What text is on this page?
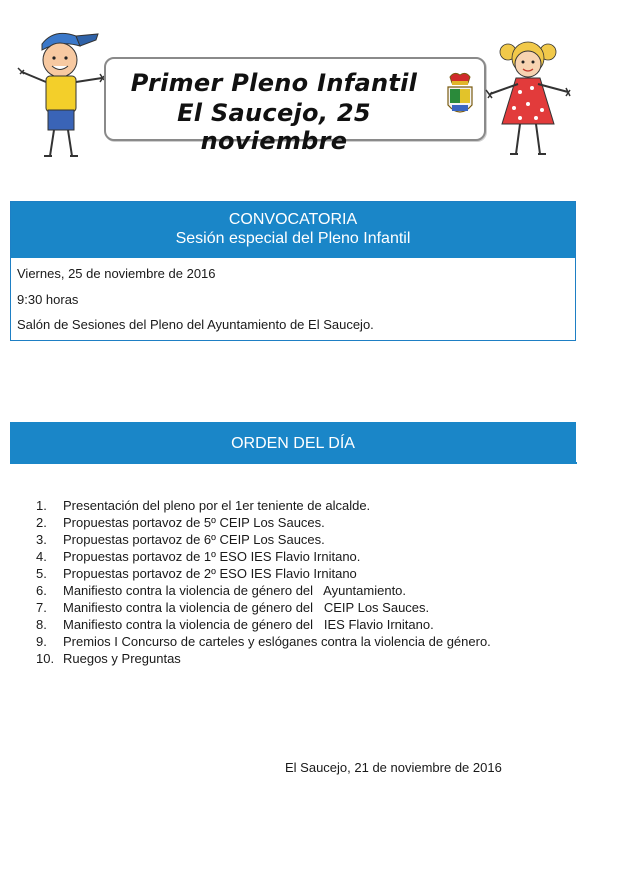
Primer Pleno Infantil
El Saucejo, 25 noviembre
CONVOCATORIA
Sesión especial del Pleno Infantil
Viernes, 25 de noviembre de 2016
9:30 horas
Salón de Sesiones del Pleno del Ayuntamiento de El Saucejo.
ORDEN DEL DÍA
1. Presentación del pleno por el 1er teniente de alcalde.
2. Propuestas portavoz de 5º CEIP Los Sauces.
3. Propuestas portavoz de 6º CEIP Los Sauces.
4. Propuestas portavoz de 1º ESO IES Flavio Irnitano.
5. Propuestas portavoz de 2º ESO IES Flavio Irnitano
6. Manifiesto contra la violencia de género del   Ayuntamiento.
7. Manifiesto contra la violencia de género del   CEIP Los Sauces.
8. Manifiesto contra la violencia de género del   IES Flavio Irnitano.
9. Premios I Concurso de carteles y eslóganes contra la violencia de género.
10. Ruegos y Preguntas
El Saucejo, 21 de noviembre de 2016
